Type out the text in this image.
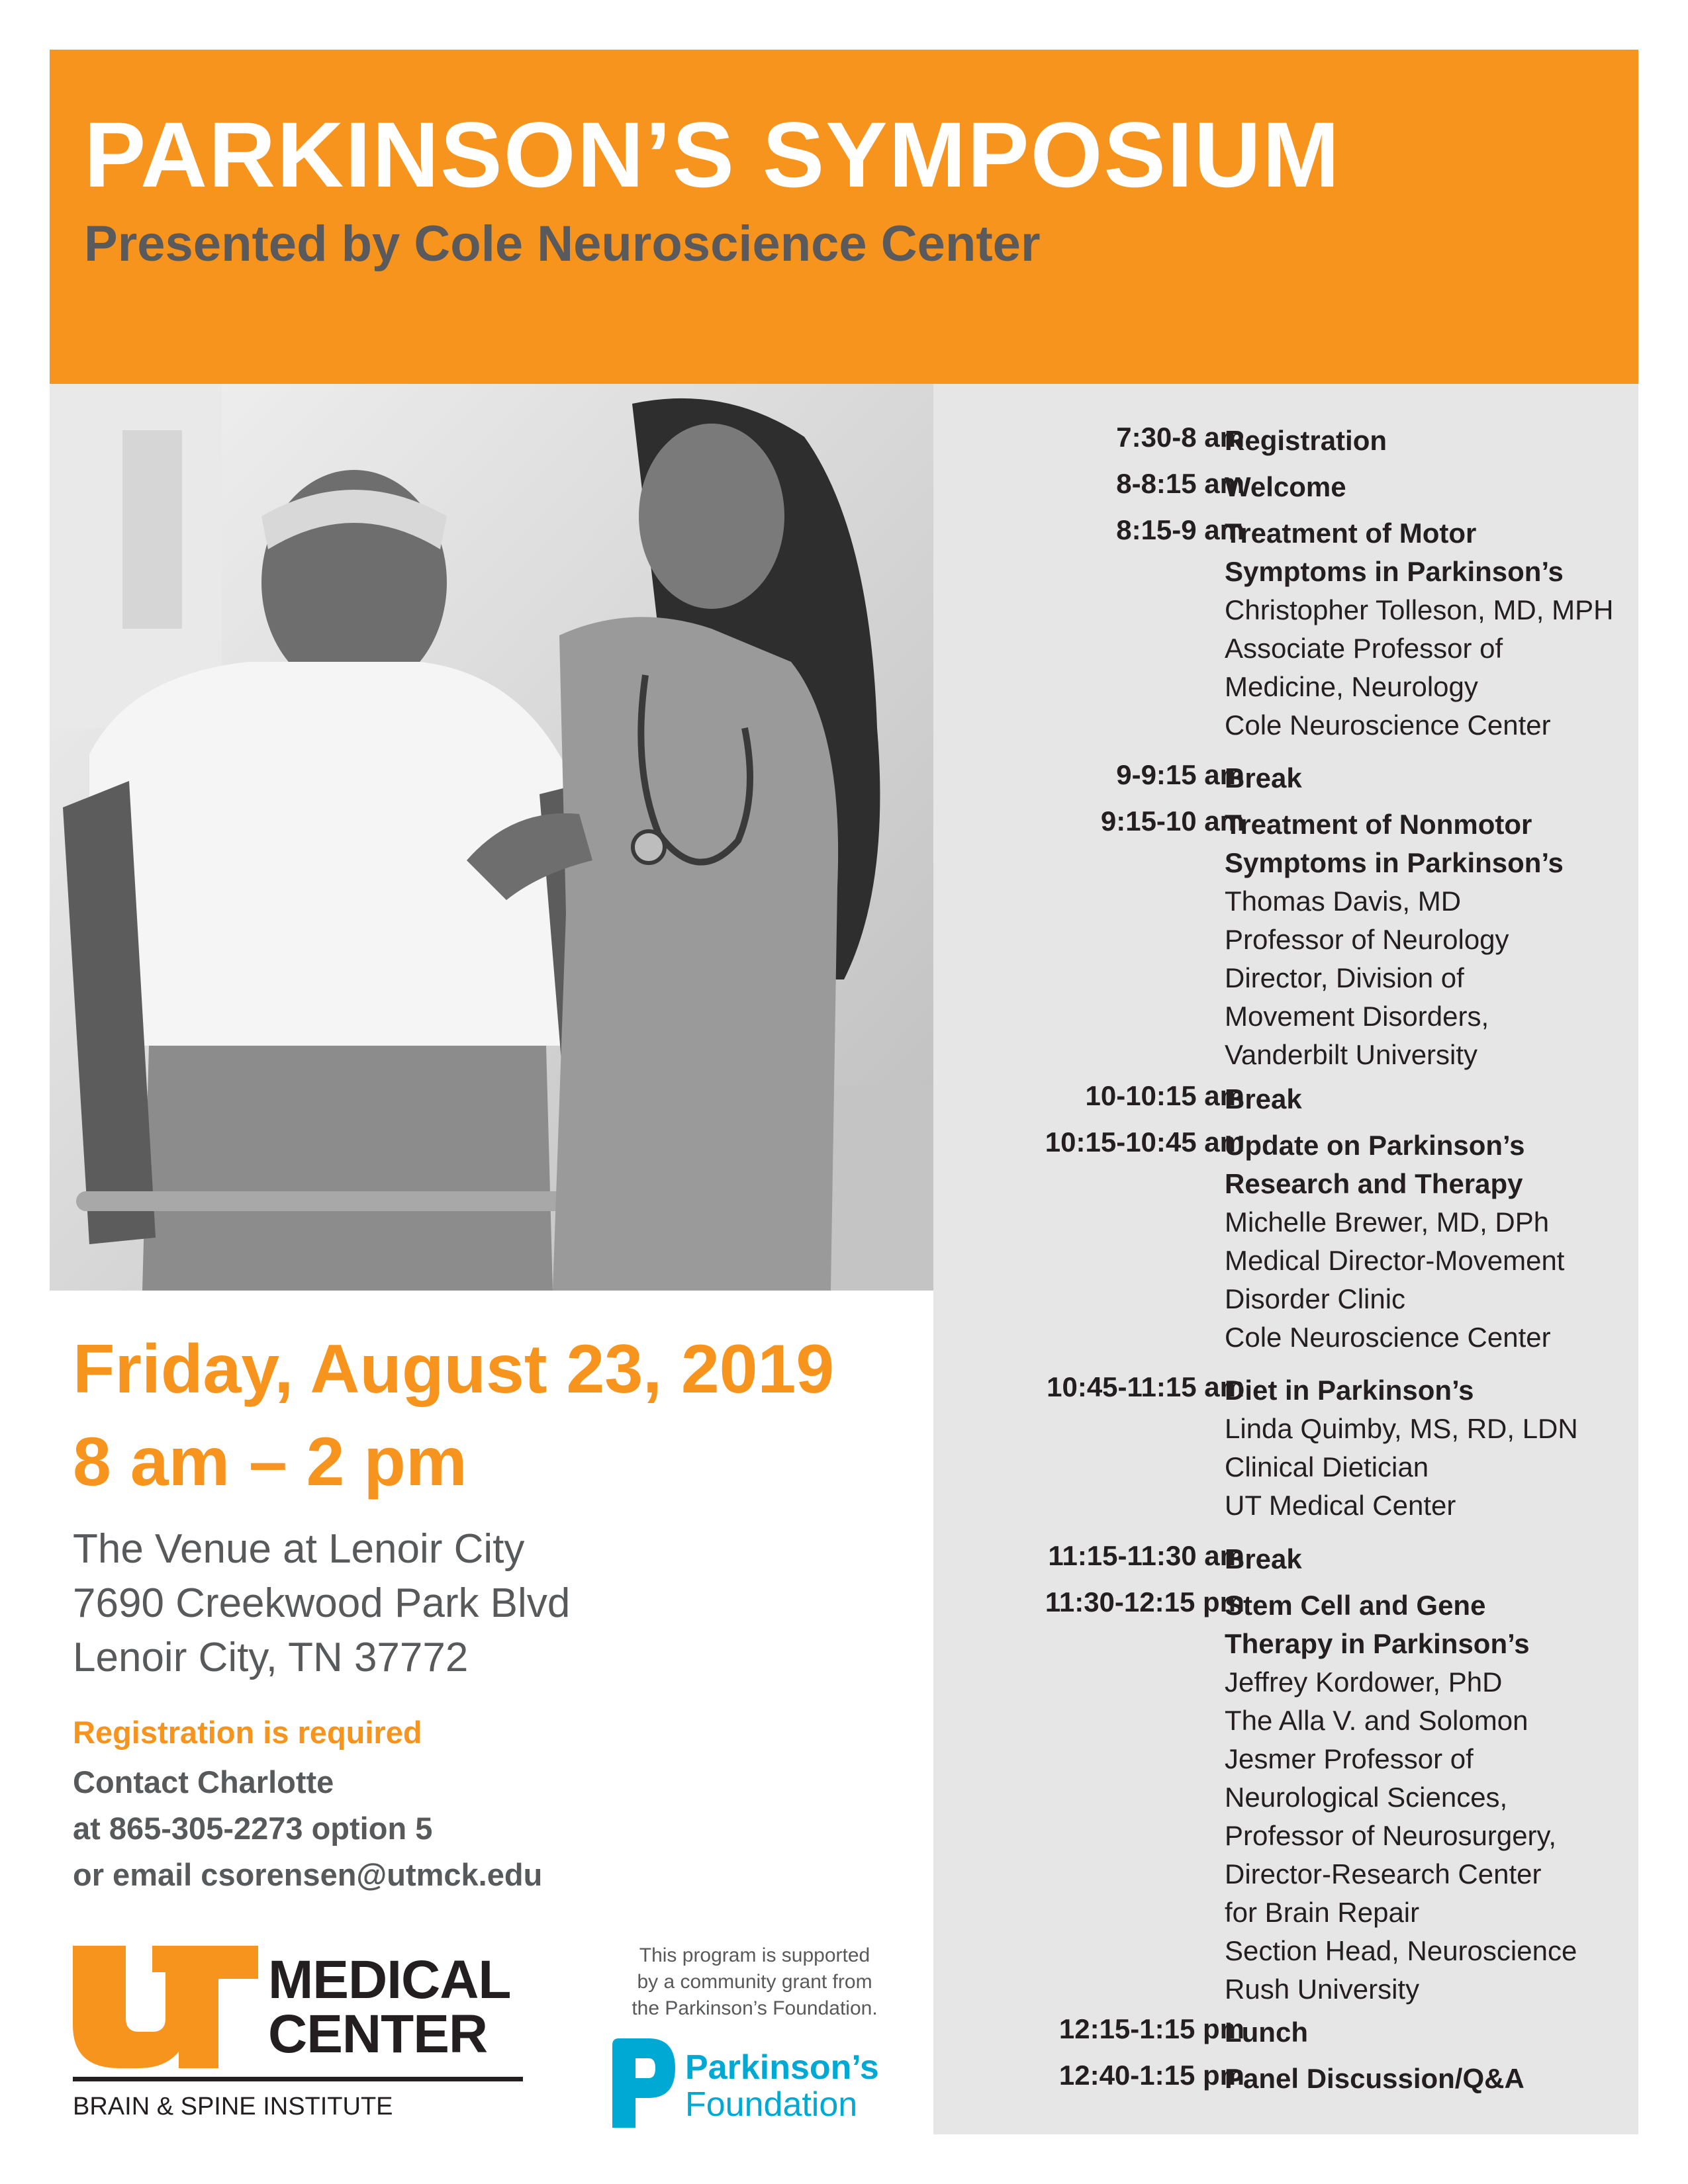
PARKINSON’S SYMPOSIUM
Presented by Cole Neuroscience Center
7:30-8 am
Registration
8-8:15 am
Welcome
8:15-9 am
Treatment of Motor
Symptoms in Parkinson’s
Christopher Tolleson, MD, MPH
Associate Professor of
Medicine, Neurology
Cole Neuroscience Center
9-9:15 am
Break
9:15-10 am
Treatment of Nonmotor
Symptoms in Parkinson’s
Thomas Davis, MD
Professor of Neurology
Director, Division of
Movement Disorders,
Vanderbilt University
10-10:15 am
Break
10:15-10:45 am
Update on Parkinson’s
Research and Therapy
Michelle Brewer, MD, DPh
Medical Director-Movement
Disorder Clinic
Cole Neuroscience Center
10:45-11:15 am
Diet in Parkinson’s
Linda Quimby, MS, RD, LDN
Clinical Dietician
UT Medical Center
11:15-11:30 am
Break
11:30-12:15 pm
Stem Cell and Gene
Therapy in Parkinson’s
Jeffrey Kordower, PhD
The Alla V. and Solomon
Jesmer Professor of
Neurological Sciences,
Professor of Neurosurgery,
Director-Research Center
for Brain Repair
Section Head, Neuroscience
Rush University
12:15-1:15 pm
Lunch
12:40-1:15 pm
Panel Discussion/Q&A
Friday, August 23, 2019
8 am – 2 pm
The Venue at Lenoir City
7690 Creekwood Park Blvd
Lenoir City, TN 37772
Registration is required
Contact Charlotte
at 865-305-2273 option 5
or email csorensen@utmck.edu
MEDICAL
CENTER
BRAIN & SPINE INSTITUTE
This program is supported
by a community grant from
the Parkinson’s Foundation.
Parkinson’s
Foundation
